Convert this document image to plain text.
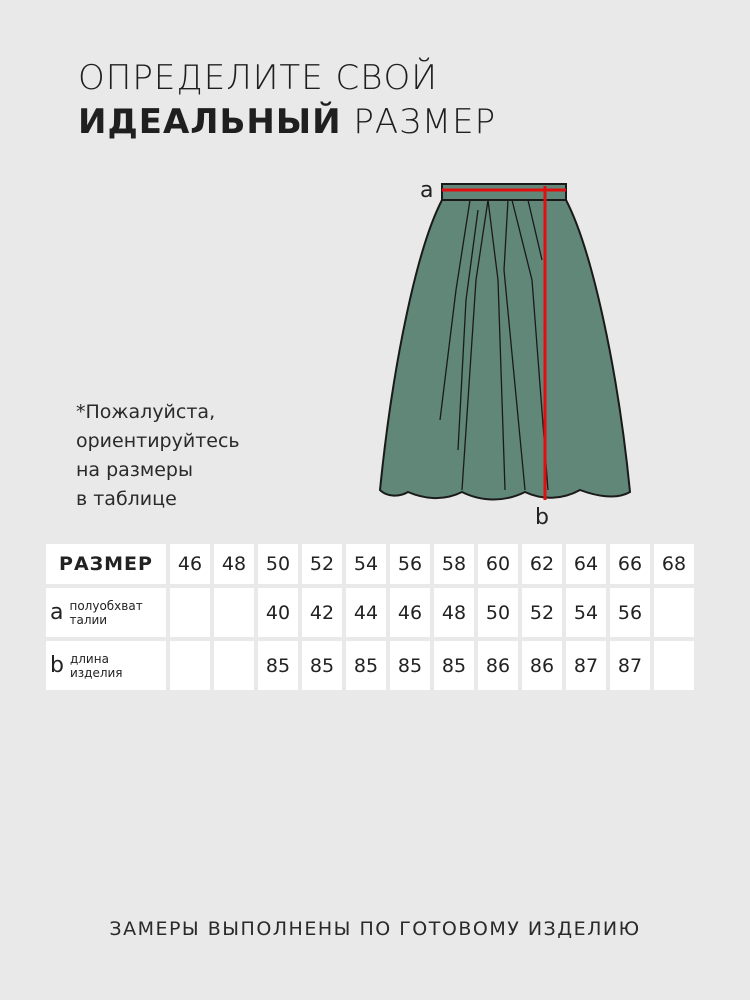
ОПРЕДЕЛИТЕ СВОЙ
ИДЕАЛЬНЫЙ РАЗМЕР
*Пожалуйста,
ориентируйтесь
на размеры
в таблице
a
b
РАЗМЕР	46	48	50	52	54	56	58	60	62	64	66	68

a полуобхват
талии			40	42	44	46	48	50	52	54	56	

b длина
изделия			85	85	85	85	85	86	86	87	87	
ЗАМЕРЫ ВЫПОЛНЕНЫ ПО ГОТОВОМУ ИЗДЕЛИЮ
